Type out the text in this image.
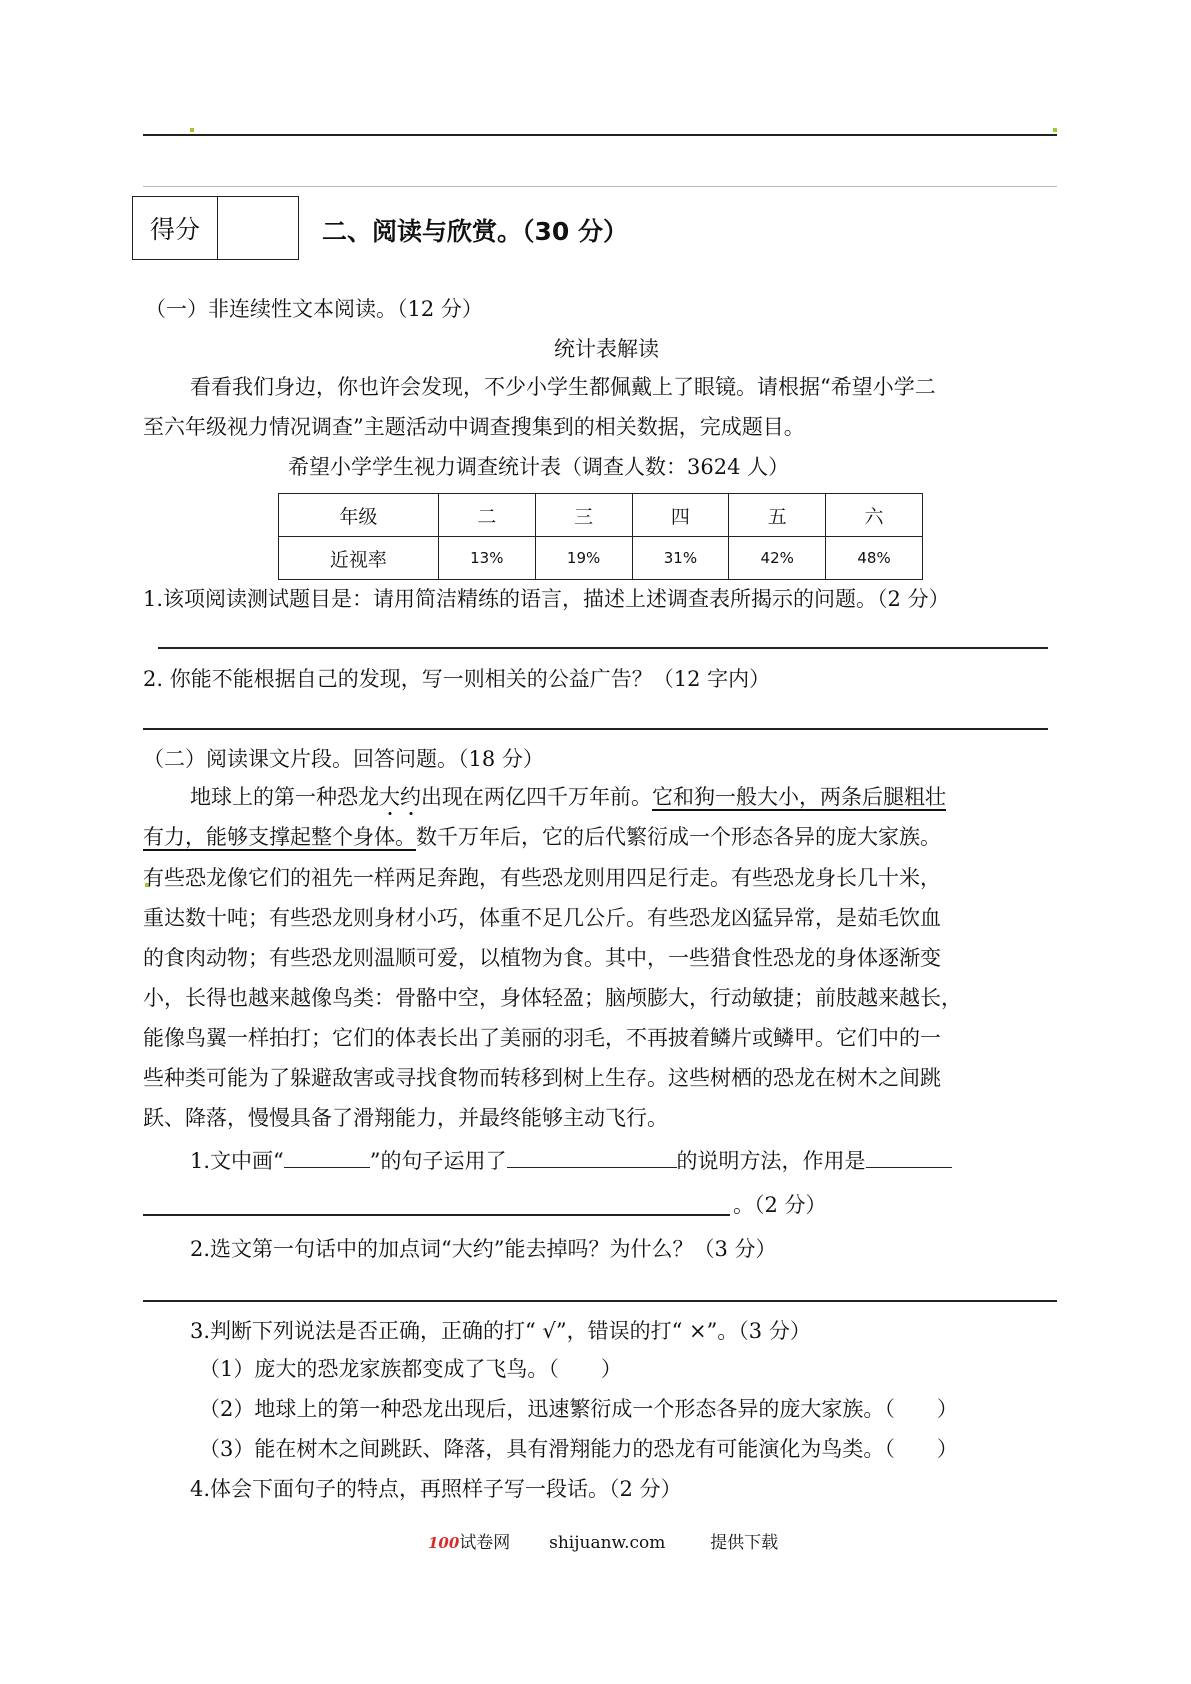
得分	二、阅读与欣赏。（30 分）
（一）非连续性文本阅读。（12 分）
统计表解读
看看我们身边，你也许会发现，不少小学生都佩戴上了眼镜。请根据“希望小学二
至六年级视力情况调查”主题活动中调查搜集到的相关数据，完成题目。
希望小学学生视力调查统计表（调查人数：3624 人）
年级	二	三	四	五	六
近视率	13%	19%	31%	42%	48%
1.该项阅读测试题目是：请用简洁精练的语言，描述上述调查表所揭示的问题。（2 分）
2. 你能不能根据自己的发现，写一则相关的公益广告？（12 字内）
（二）阅读课文片段。回答问题。（18 分）
地球上的第一种恐龙大约出现在两亿四千万年前。它和狗一般大小，两条后腿粗壮
有力，能够支撑起整个身体。数千万年后，它的后代繁衍成一个形态各异的庞大家族。
有些恐龙像它们的祖先一样两足奔跑，有些恐龙则用四足行走。有些恐龙身长几十米，
重达数十吨；有些恐龙则身材小巧，体重不足几公斤。有些恐龙凶猛异常，是茹毛饮血
的食肉动物；有些恐龙则温顺可爱，以植物为食。其中，一些猎食性恐龙的身体逐渐变
小，长得也越来越像鸟类：骨骼中空，身体轻盈；脑颅膨大，行动敏捷；前肢越来越长，
能像鸟翼一样拍打；它们的体表长出了美丽的羽毛，不再披着鳞片或鳞甲。它们中的一
些种类可能为了躲避敌害或寻找食物而转移到树上生存。这些树栖的恐龙在树木之间跳
跃、降落，慢慢具备了滑翔能力，并最终能够主动飞行。
1.文中画“	”的句子运用了	的说明方法，作用是
。（2 分）
2.选文第一句话中的加点词“大约”能去掉吗？为什么？（3 分）
3.判断下列说法是否正确，正确的打“ √”，错误的打“ ×”。（3 分）
（1）庞大的恐龙家族都变成了飞鸟。（　　）
（2）地球上的第一种恐龙出现后，迅速繁衍成一个形态各异的庞大家族。（　　）
（3）能在树木之间跳跃、降落，具有滑翔能力的恐龙有可能演化为鸟类。（　　）
4.体会下面句子的特点，再照样子写一段话。（2 分）
100试卷网 shijuanw.com	提供下载
